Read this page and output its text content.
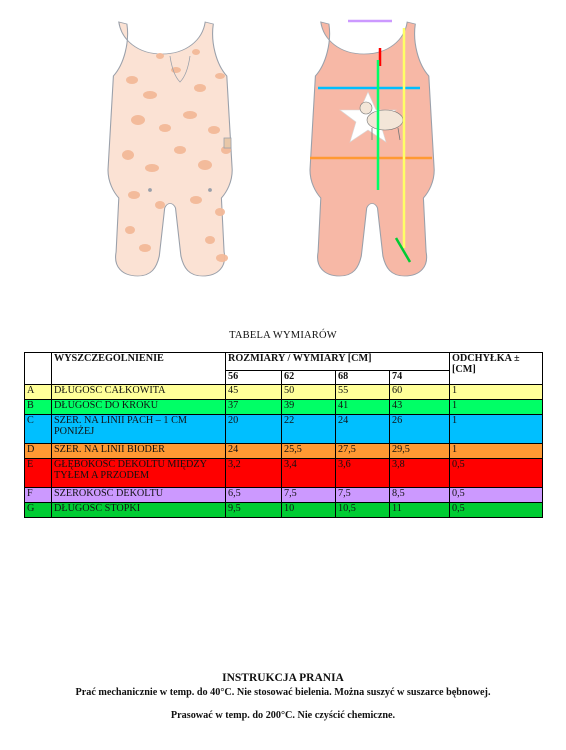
TABELA WYMIARÓW
	WYSZCZEGÓLNIENIE	ROZMIARY / WYMIARY [CM]				ODCHYŁKA ±
[CM]
		56	62	68	74	
A	DŁUGOŚĆ CAŁKOWITA	45	50	55	60	1
B	DŁUGOŚĆ DO KROKU	37	39	41	43	1
C	SZER. NA LINII PACH – 1 CM PONIŻEJ	20	22	24	26	1
D	SZER. NA LINII BIODER	24	25,5	27,5	29,5	1
E	GŁĘBOKOŚĆ DEKOLTU MIĘDZY TYŁEM A PRZODEM	3,2	3,4	3,6	3,8	0,5
F	SZEROKOŚĆ DEKOLTU	6,5	7,5	7,5	8,5	0,5
G	DŁUGOŚĆ STOPKI	9,5	10	10,5	11	0,5
INSTRUKCJA PRANIA
Prać mechanicznie w temp. do 40°C. Nie stosować bielenia. Można suszyć w suszarce bębnowej.
Prasować w temp. do 200°C. Nie czyścić chemiczne.
